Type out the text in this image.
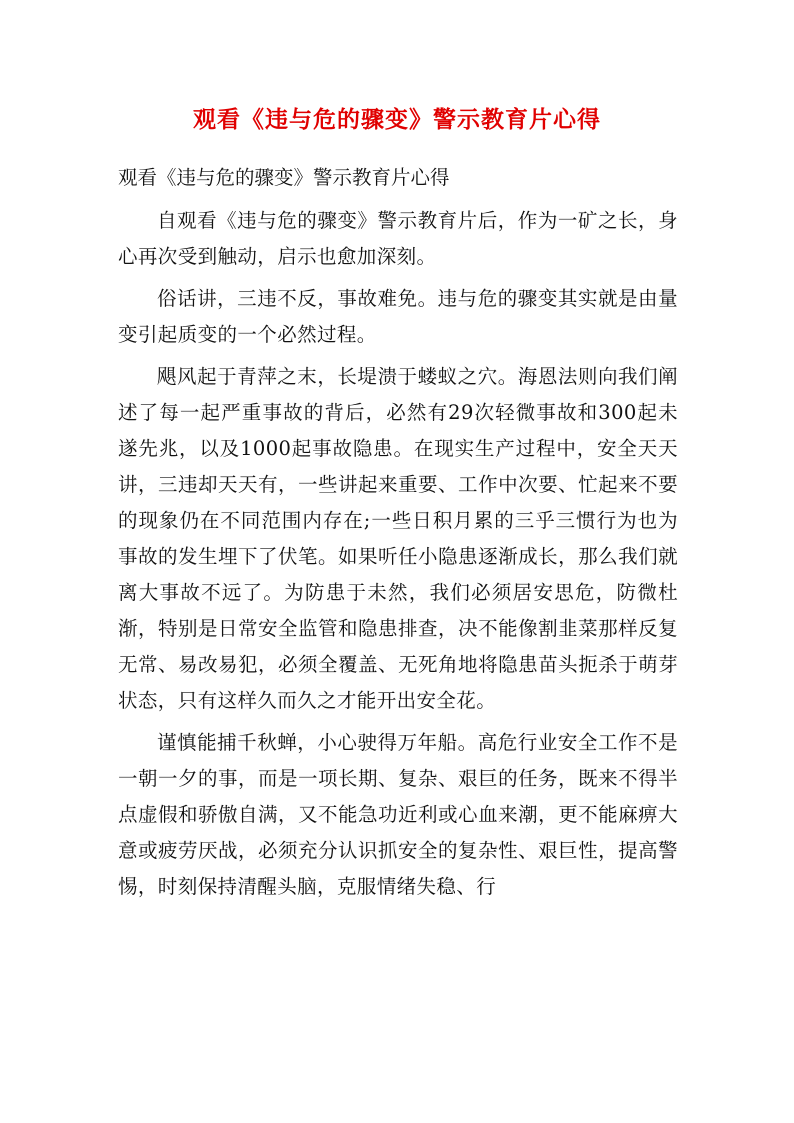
观看《违与危的骤变》警示教育片心得
观看《违与危的骤变》警示教育片心得

自观看《违与危的骤变》警示教育片后，作为一矿之长，身心再次受到触动，启示也愈加深刻。

俗话讲，三违不反，事故难免。违与危的骤变其实就是由量变引起质变的一个必然过程。

飓风起于青萍之末，长堤溃于蝼蚁之穴。海恩法则向我们阐述了每一起严重事故的背后，必然有29次轻微事故和300起未遂先兆，以及1000起事故隐患。在现实生产过程中，安全天天讲，三违却天天有，一些讲起来重要、工作中次要、忙起来不要的现象仍在不同范围内存在;一些日积月累的三乎三惯行为也为事故的发生埋下了伏笔。如果听任小隐患逐渐成长，那么我们就离大事故不远了。为防患于未然，我们必须居安思危，防微杜渐，特别是日常安全监管和隐患排查，决不能像割韭菜那样反复无常、易改易犯，必须全覆盖、无死角地将隐患苗头扼杀于萌芽状态，只有这样久而久之才能开出安全花。

谨慎能捕千秋蝉，小心驶得万年船。高危行业安全工作不是一朝一夕的事，而是一项长期、复杂、艰巨的任务，既来不得半点虚假和骄傲自满，又不能急功近利或心血来潮，更不能麻痹大意或疲劳厌战，必须充分认识抓安全的复杂性、艰巨性，提高警惕，时刻保持清醒头脑，克服情绪失稳、行
